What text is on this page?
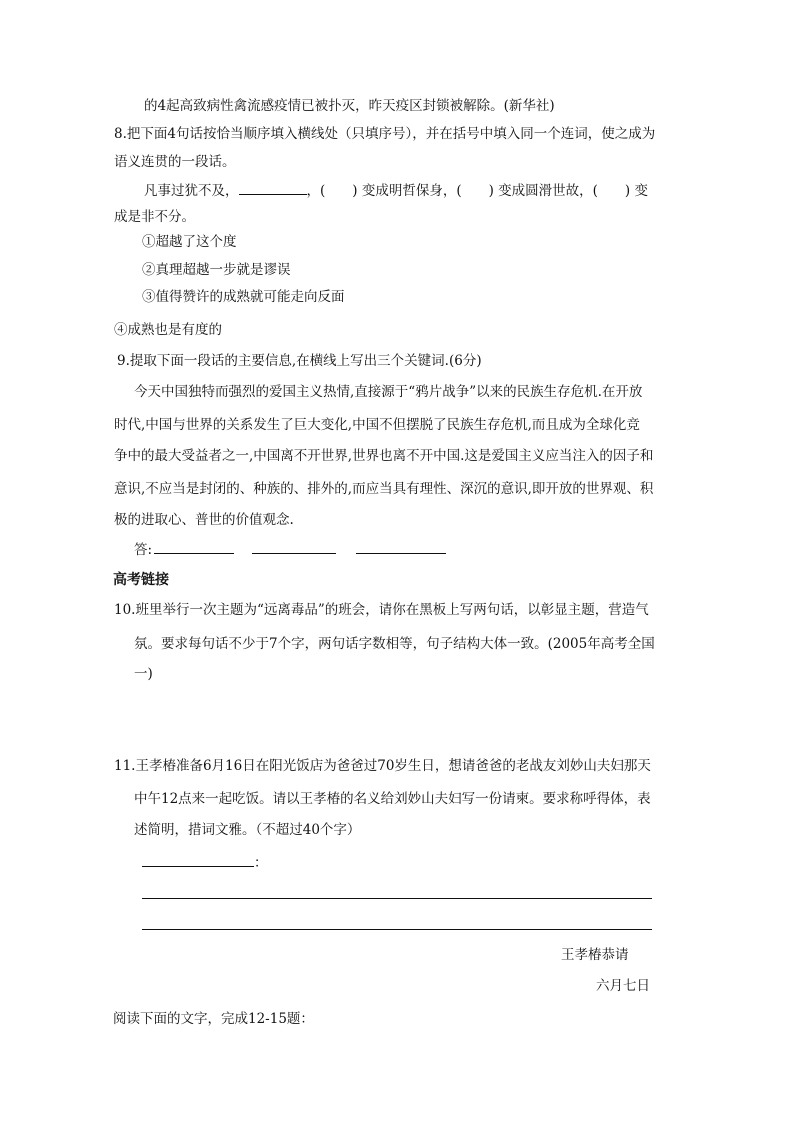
的4起高致病性禽流感疫情已被扑灭，昨天疫区封锁被解除。(新华社)
8.把下面4句话按恰当顺序填入横线处（只填序号），并在括号中填入同一个连词，使之成为
语义连贯的一段话。
凡事过犹不及，	，(　　) 变成明哲保身，(　　) 变成圆滑世故，(　　) 变
成是非不分。
①超越了这个度
②真理超越一步就是谬误
③值得赞许的成熟就可能走向反面
④成熟也是有度的
9.提取下面一段话的主要信息,在横线上写出三个关键词.(6分)
今天中国独特而强烈的爱国主义热情,直接源于“鸦片战争”以来的民族生存危机.在开放
时代,中国与世界的关系发生了巨大变化,中国不但摆脱了民族生存危机,而且成为全球化竞
争中的最大受益者之一,中国离不开世界,世界也离不开中国.这是爱国主义应当注入的因子和
意识,不应当是封闭的、种族的、排外的,而应当具有理性、深沉的意识,即开放的世界观、积
极的进取心、普世的价值观念.
答:
高考链接
10.班里举行一次主题为“远离毒品”的班会，请你在黑板上写两句话，以彰显主题，营造气
氛。要求每句话不少于7个字，两句话字数相等，句子结构大体一致。(2005年高考全国
一)
11.王孝椿准备6月16日在阳光饭店为爸爸过70岁生日，想请爸爸的老战友刘妙山夫妇那天
中午12点来一起吃饭。请以王孝椿的名义给刘妙山夫妇写一份请柬。要求称呼得体，表
述简明，措词文雅。（不超过40个字）
：
王孝椿恭请
六月七日
阅读下面的文字，完成12-15题：
